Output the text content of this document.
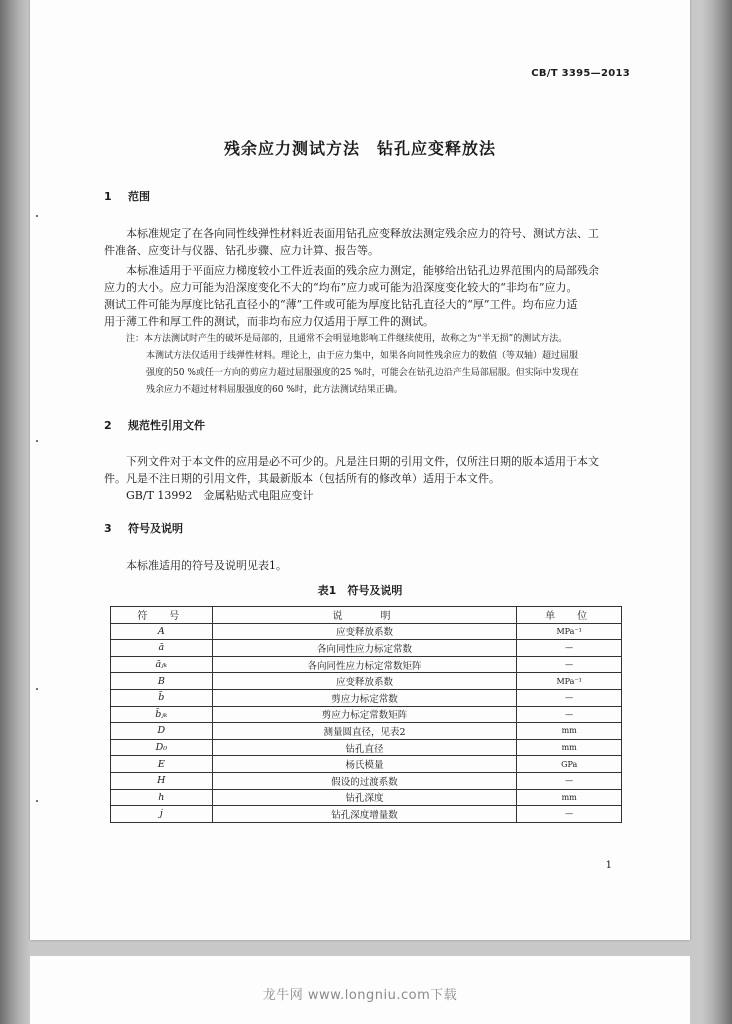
CB/T 3395—2013
残余应力测试方法　钻孔应变释放法
1 范围
本标准规定了在各向同性线弹性材料近表面用钻孔应变释放法测定残余应力的符号、测试方法、工
件准备、应变计与仪器、钻孔步骤、应力计算、报告等。
本标准适用于平面应力梯度较小工件近表面的残余应力测定，能够给出钻孔边界范围内的局部残余
应力的大小。应力可能为沿深度变化不大的“均布”应力或可能为沿深度变化较大的“非均布”应力。
测试工件可能为厚度比钻孔直径小的“薄”工件或可能为厚度比钻孔直径大的“厚”工件。均布应力适
用于薄工件和厚工件的测试，而非均布应力仅适用于厚工件的测试。
注：本方法测试时产生的破坏是局部的，且通常不会明显地影响工件继续使用，故称之为“半无损”的测试方法。
本测试方法仅适用于线弹性材料。理论上，由于应力集中，如果各向同性残余应力的数值（等双轴）超过屈服
强度的50 %或任一方向的剪应力超过屈服强度的25 %时，可能会在钻孔边沿产生局部屈服。但实际中发现在
残余应力不超过材料屈服强度的60 %时，此方法测试结果正确。
2 规范性引用文件
下列文件对于本文件的应用是必不可少的。凡是注日期的引用文件，仅所注日期的版本适用于本文
件。凡是不注日期的引用文件，其最新版本（包括所有的修改单）适用于本文件。
GB/T 13992　金属粘贴式电阻应变计
3 符号及说明
本标准适用的符号及说明见表1。
表1　符号及说明
符　号	说　　明	单　位
A	应变释放系数	MPa⁻¹
ā	各向同性应力标定常数	—
āⱼₖ	各向同性应力标定常数矩阵	—
B	应变释放系数	MPa⁻¹
b̄	剪应力标定常数	—
b̄ⱼₖ	剪应力标定常数矩阵	—
D	测量圆直径，见表2	mm
D₀	钻孔直径	mm
E	杨氏模量	GPa
H	假设的过渡系数	—
h	钻孔深度	mm
j	钻孔深度增量数	—
1
龙牛网 www.longniu.com下载
